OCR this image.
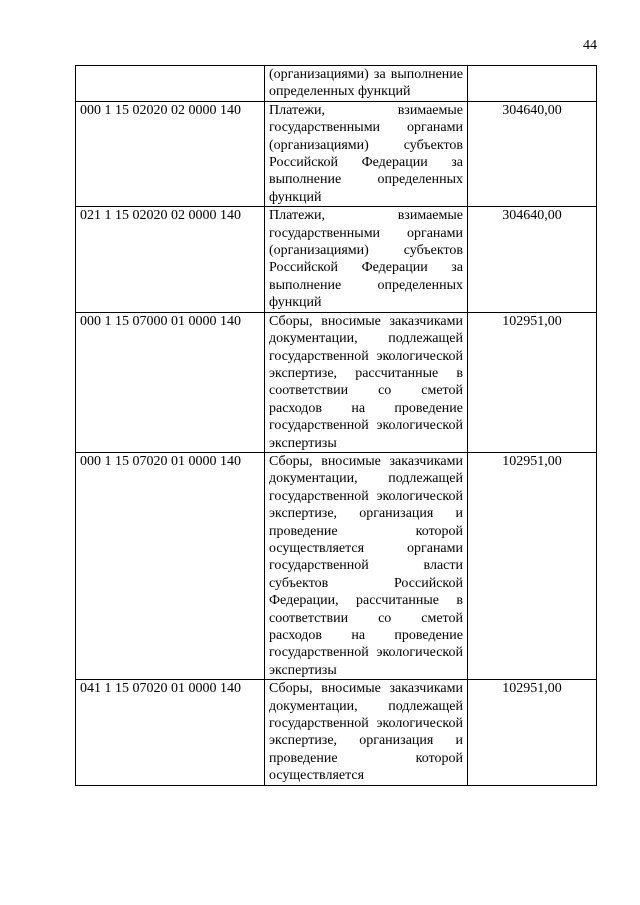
44
	(организациями) за выполнение определенных функций	
000 1 15 02020 02 0000 140	Платежи, взимаемые государственными органами (организациями) субъектов Российской Федерации за выполнение определенных функций	304640,00
021 1 15 02020 02 0000 140	Платежи, взимаемые государственными органами (организациями) субъектов Российской Федерации за выполнение определенных функций	304640,00
000 1 15 07000 01 0000 140	Сборы, вносимые заказчиками документации, подлежащей государственной экологической экспертизе, рассчитанные в соответствии со сметой расходов на проведение государственной экологической экспертизы	102951,00
000 1 15 07020 01 0000 140	Сборы, вносимые заказчиками документации, подлежащей государственной экологической экспертизе, организация и проведение которой осуществляется органами государственной власти субъектов Российской Федерации, рассчитанные в соответствии со сметой расходов на проведение государственной экологической экспертизы	102951,00
041 1 15 07020 01 0000 140	Сборы, вносимые заказчиками документации, подлежащей государственной экологической экспертизе, организация и проведение которой осуществляется	102951,00
